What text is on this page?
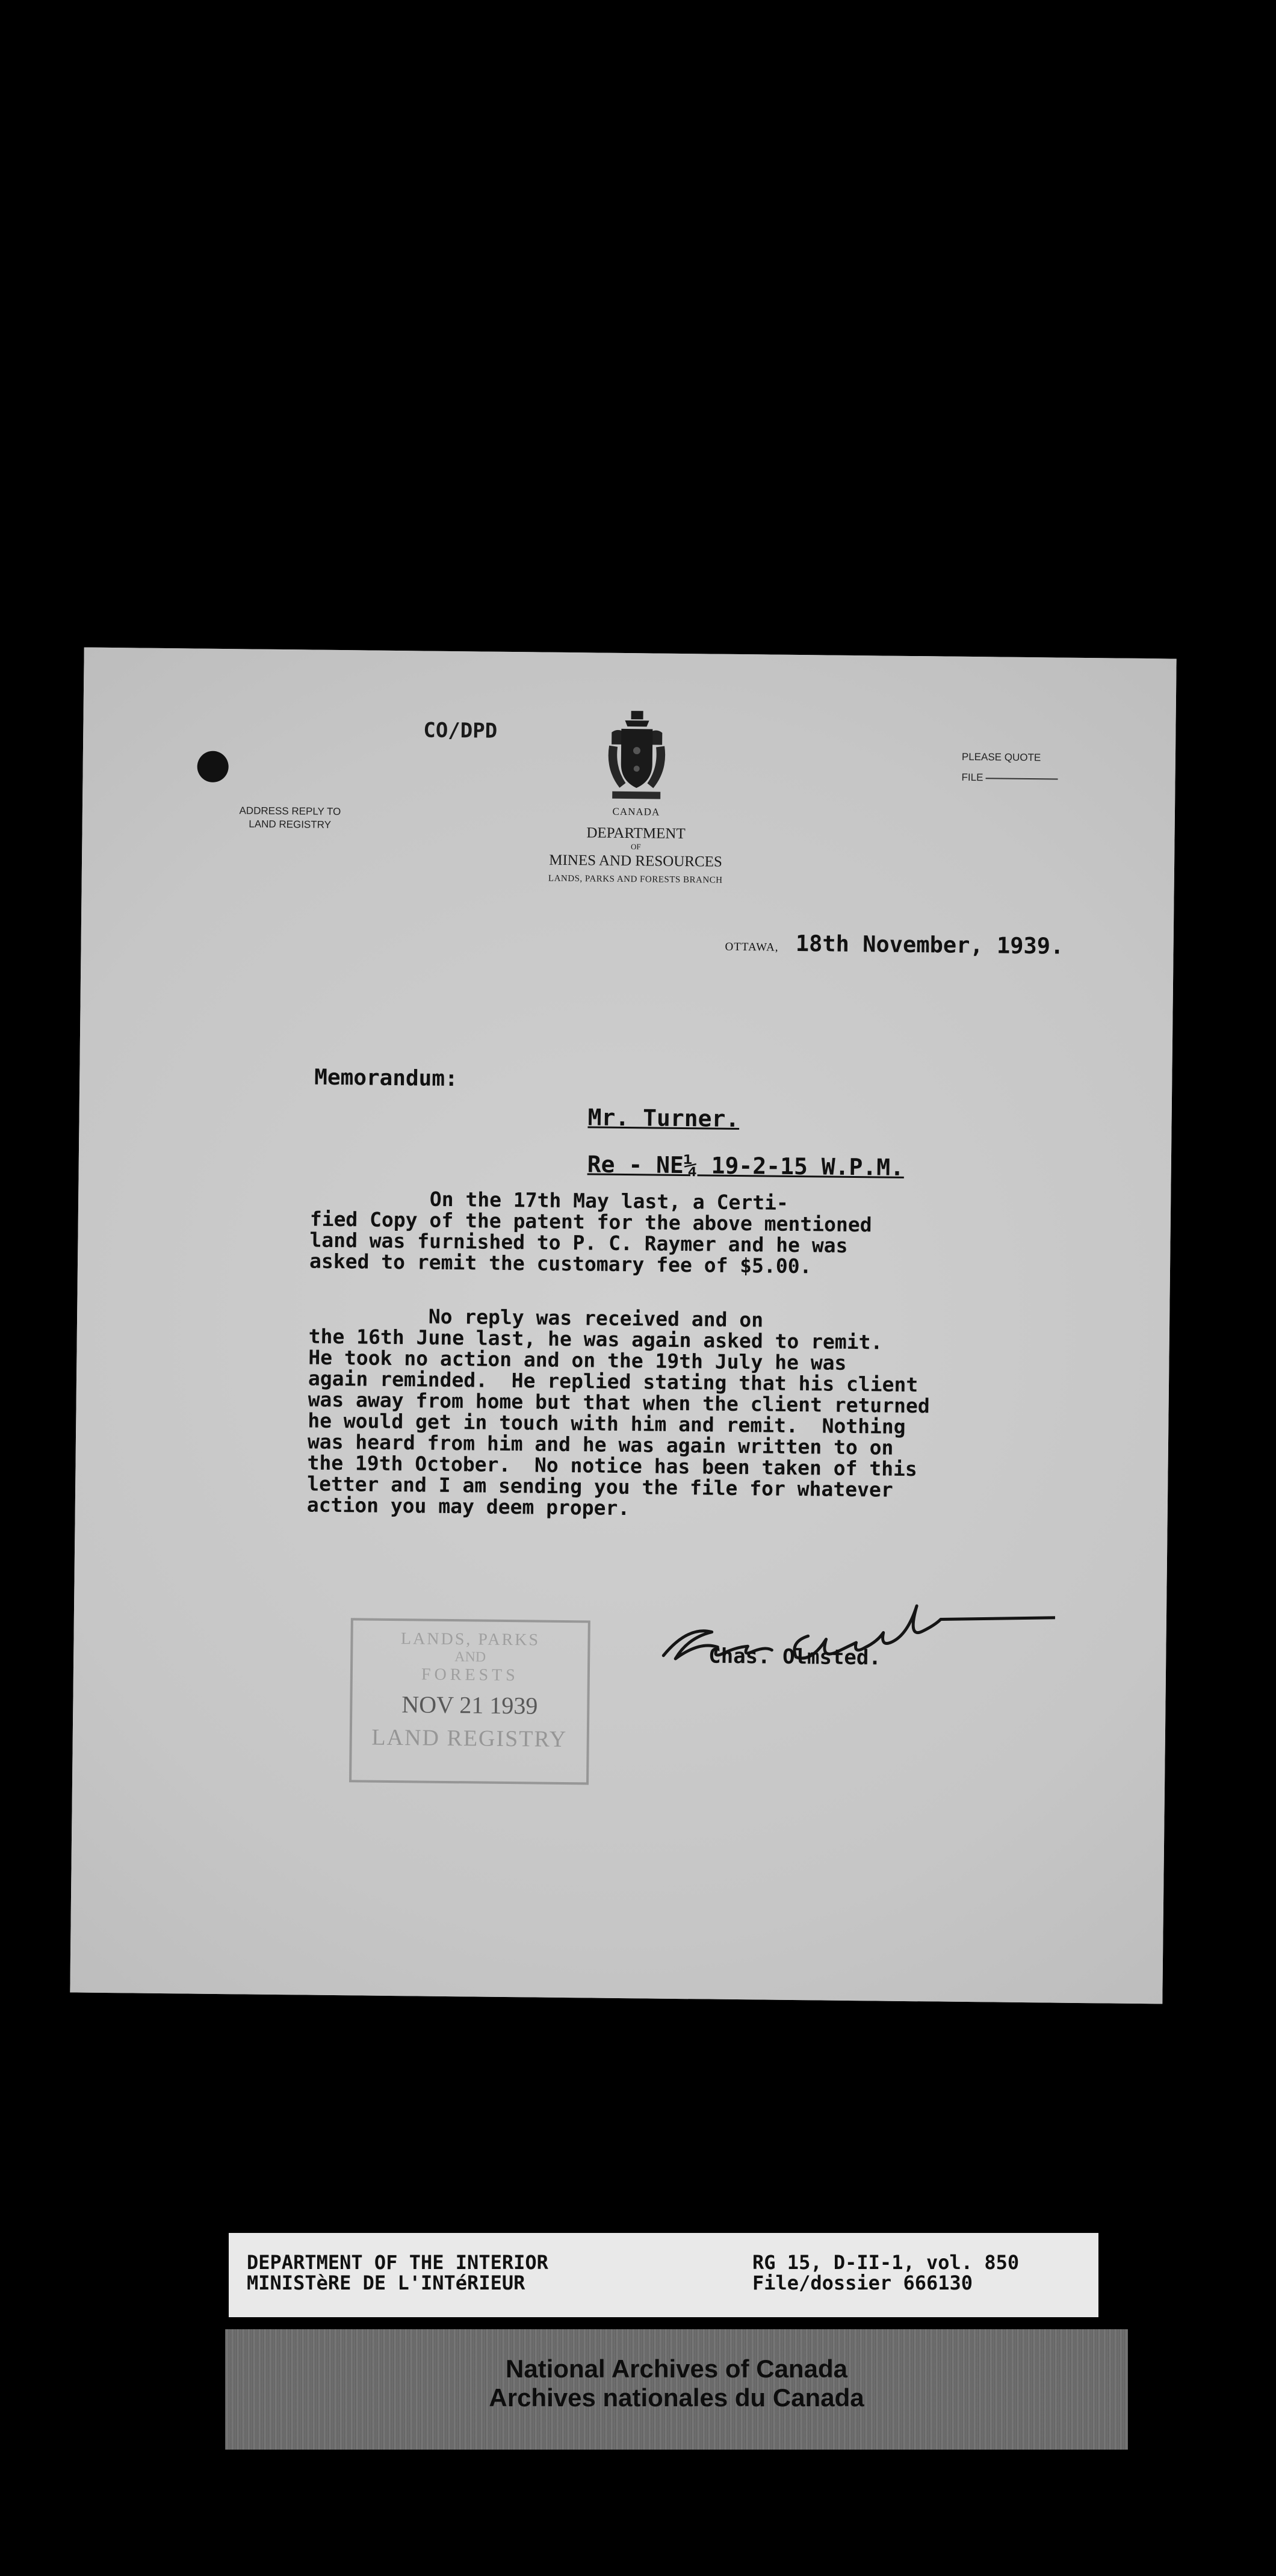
CO/DPD
ADDRESS REPLY TO
LAND REGISTRY
CANADA
DEPARTMENT
OF
MINES AND RESOURCES
LANDS, PARKS AND FORESTS BRANCH
PLEASE QUOTE
FILE
OTTAWA, 18th November, 1939.
Memorandum:
Mr. Turner.
Re - NE¼ 19-2-15 W.P.M.
On the 17th May last, a Certi-
fied Copy of the patent for the above mentioned
land was furnished to P. C. Raymer and he was
asked to remit the customary fee of $5.00.
No reply was received and on
the 16th June last, he was again asked to remit.
He took no action and on the 19th July he was
again reminded.  He replied stating that his client
was away from home but that when the client returned
he would get in touch with him and remit.  Nothing
was heard from him and he was again written to on
the 19th October.  No notice has been taken of this
letter and I am sending you the file for whatever
action you may deem proper.
LANDS, PARKS
AND
FORESTS
NOV 21 1939
LAND REGISTRY
Chas. Olmsted.
DEPARTMENT OF THE INTERIOR
MINISTèRE DE L'INTéRIEUR
RG 15, D-II-1, vol. 850
File/dossier 666130
National Archives of Canada
Archives nationales du Canada
